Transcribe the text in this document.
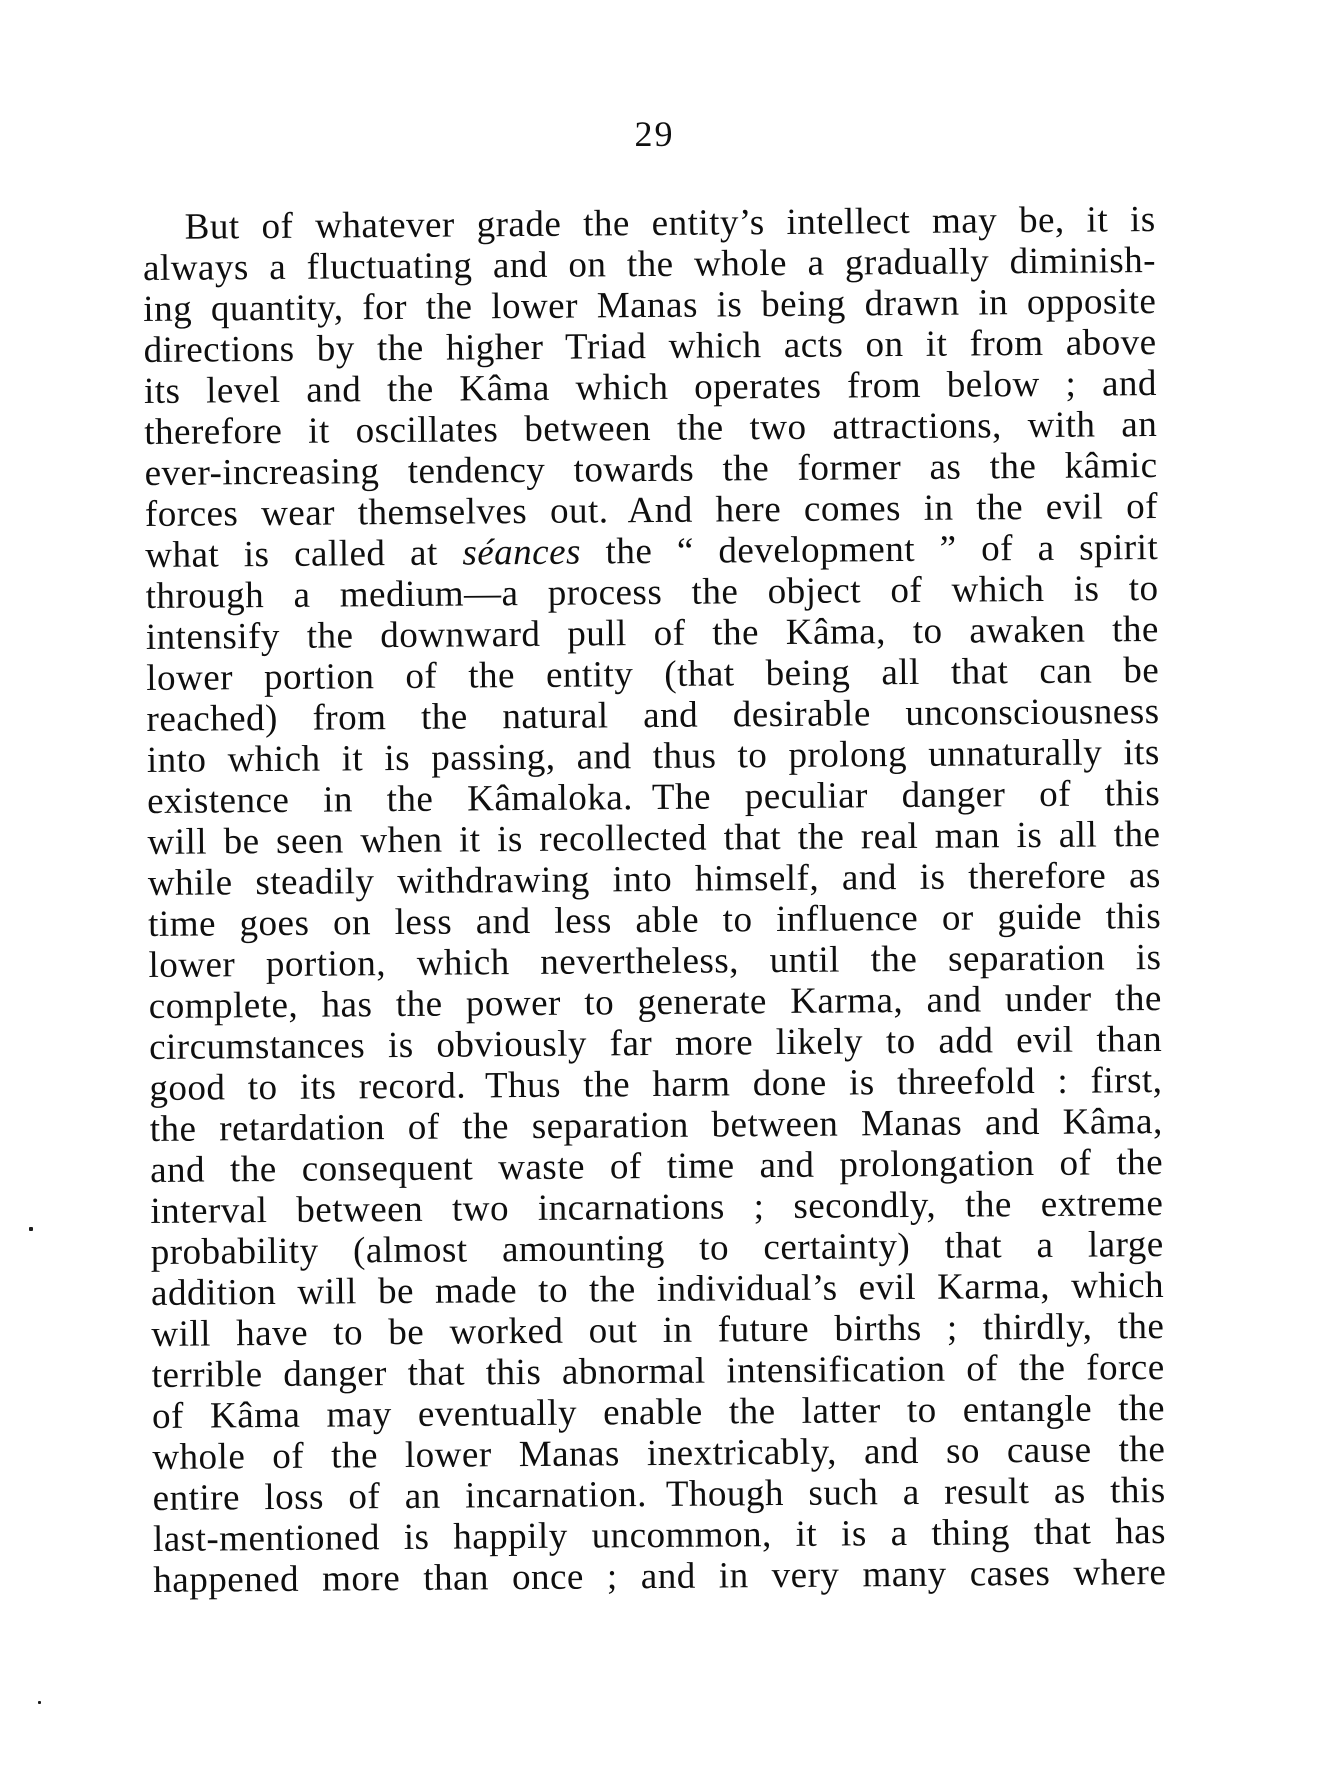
29
But of whatever grade the entity’s intellect may be, it is
always a fluctuating and on the whole a gradually diminish-
ing quantity, for the lower Manas is being drawn in opposite
directions by the higher Triad which acts on it from above
its level and the Kâma which operates from below ; and
therefore it oscillates between the two attractions, with an
ever-increasing tendency towards the former as the kâmic
forces wear themselves out. And here comes in the evil of
what is called at séances the “ development ” of a spirit
through a medium—a process the object of which is to
intensify the downward pull of the Kâma, to awaken the
lower portion of the entity (that being all that can be
reached) from the natural and desirable unconsciousness
into which it is passing, and thus to prolong unnaturally its
existence in the Kâmaloka. The peculiar danger of this
will be seen when it is recollected that the real man is all the
while steadily withdrawing into himself, and is therefore as
time goes on less and less able to influence or guide this
lower portion, which nevertheless, until the separation is
complete, has the power to generate Karma, and under the
circumstances is obviously far more likely to add evil than
good to its record. Thus the harm done is threefold : first,
the retardation of the separation between Manas and Kâma,
and the consequent waste of time and prolongation of the
interval between two incarnations ; secondly, the extreme
probability (almost amounting to certainty) that a large
addition will be made to the individual’s evil Karma, which
will have to be worked out in future births ; thirdly, the
terrible danger that this abnormal intensification of the force
of Kâma may eventually enable the latter to entangle the
whole of the lower Manas inextricably, and so cause the
entire loss of an incarnation. Though such a result as this
last-mentioned is happily uncommon, it is a thing that has
happened more than once ; and in very many cases where
